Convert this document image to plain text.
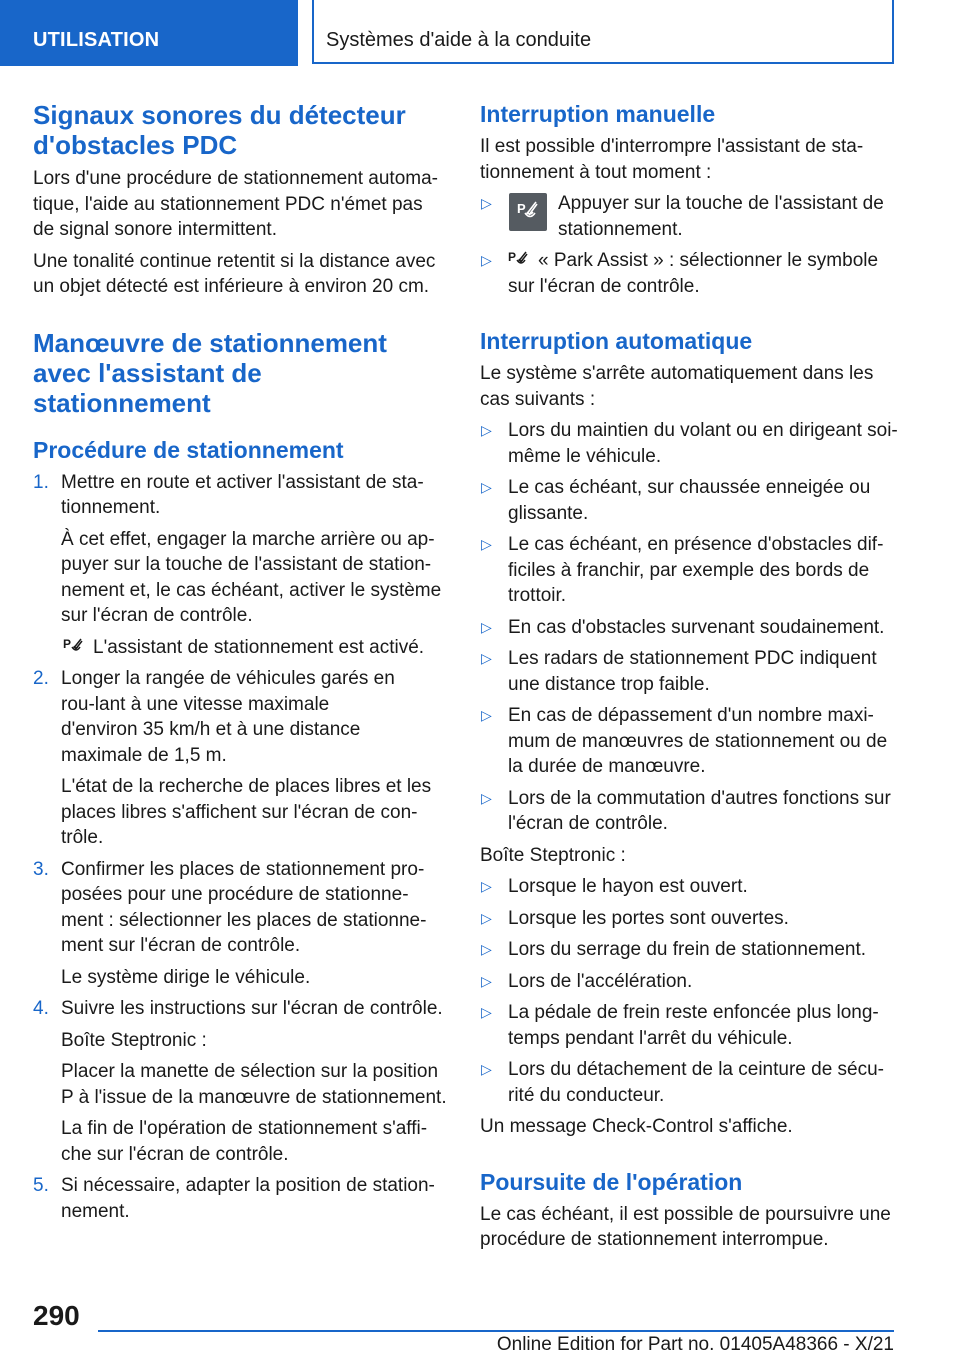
UTILISATION	Systèmes d'aide à la conduite
Signaux sonores du détecteur d'obstacles PDC

Lors d'une procédure de stationnement automa-tique, l'aide au stationnement PDC n'émet pas de signal sonore intermittent.

Une tonalité continue retentit si la distance avec un objet détecté est inférieure à environ 20 cm.

Manœuvre de stationnement avec l'assistant de stationnement
Procédure de stationnement
1. Mettre en route et activer l'assistant de sta-tionnement.

À cet effet, engager la marche arrière ou ap-puyer sur la touche de l'assistant de station-nement et, le cas échéant, activer le système sur l'écran de contrôle.

P L'assistant de stationnement est activé.

2. Longer la rangée de véhicules garés en rou-lant à une vitesse maximale d'environ 35 km/h et à une distance maximale de 1,5 m.

L'état de la recherche de places libres et les places libres s'affichent sur l'écran de con-trôle.

3. Confirmer les places de stationnement pro-posées pour une procédure de stationne-ment : sélectionner les places de stationne-ment sur l'écran de contrôle.

Le système dirige le véhicule.

4. Suivre les instructions sur l'écran de contrôle.

Boîte Steptronic :

Placer la manette de sélection sur la position P à l'issue de la manœuvre de stationnement.

La fin de l'opération de stationnement s'affi-che sur l'écran de contrôle.

5. Si nécessaire, adapter la position de station-nement.

Interruption manuelle

Il est possible d'interrompre l'assistant de sta-tionnement à tout moment :

▷ P	Appuyer sur la touche de l'assistant de stationnement.

▷ P « Park Assist » : sélectionner le symbole sur l'écran de contrôle.

Interruption automatique

Le système s'arrête automatiquement dans les cas suivants :

▷ Lors du maintien du volant ou en dirigeant soi-même le véhicule.

▷ Le cas échéant, sur chaussée enneigée ou glissante.

▷ Le cas échéant, en présence d'obstacles dif-ficiles à franchir, par exemple des bords de trottoir.

▷ En cas d'obstacles survenant soudainement.

▷ Les radars de stationnement PDC indiquent une distance trop faible.

▷ En cas de dépassement d'un nombre maxi-mum de manœuvres de stationnement ou de la durée de manœuvre.

▷ Lors de la commutation d'autres fonctions sur l'écran de contrôle.

Boîte Steptronic :

▷ Lorsque le hayon est ouvert.

▷ Lorsque les portes sont ouvertes.

▷ Lors du serrage du frein de stationnement.

▷ Lors de l'accélération.

▷ La pédale de frein reste enfoncée plus long-temps pendant l'arrêt du véhicule.

▷ Lors du détachement de la ceinture de sécu-rité du conducteur.

Un message Check-Control s'affiche.

Poursuite de l'opération

Le cas échéant, il est possible de poursuivre une procédure de stationnement interrompue.

290
Online Edition for Part no. 01405A48366 - X/21
